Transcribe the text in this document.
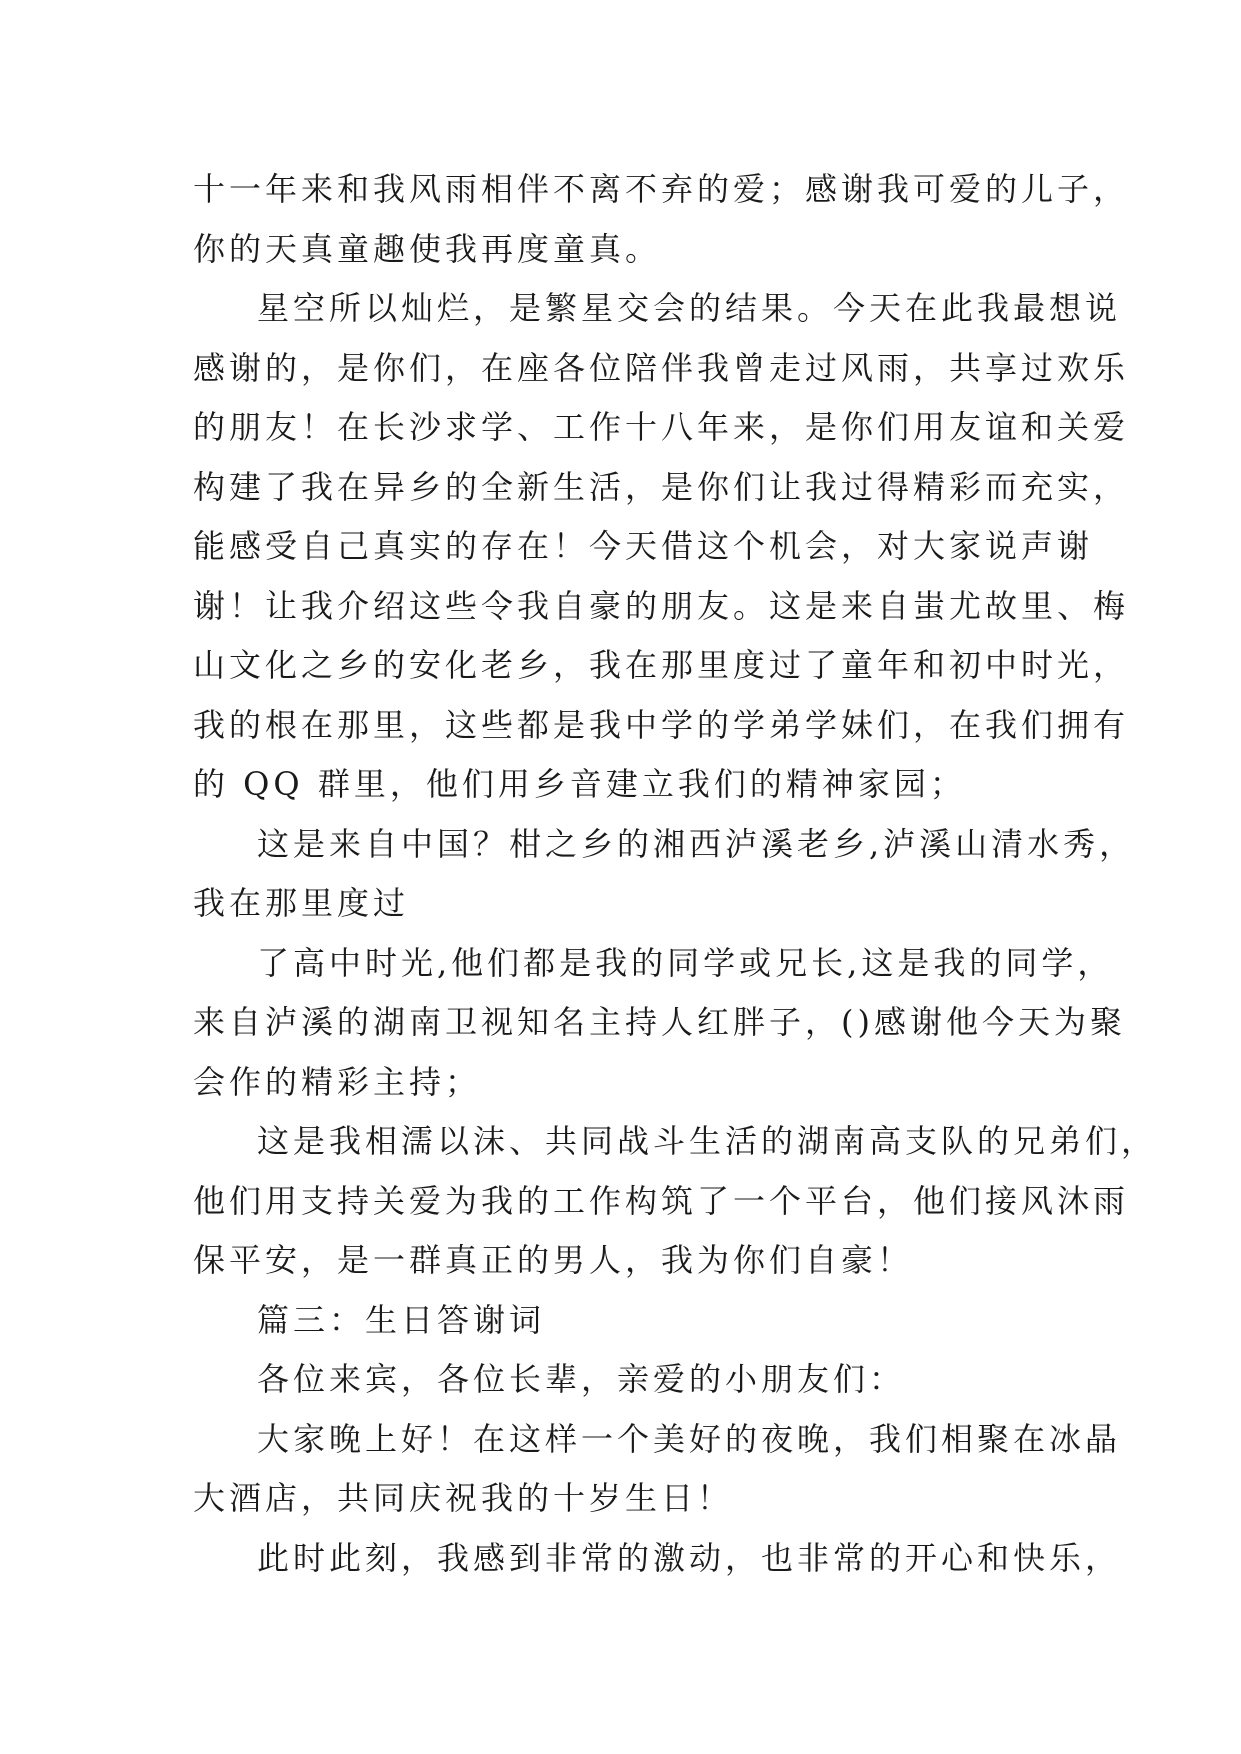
十一年来和我风雨相伴不离不弃的爱；感谢我可爱的儿子，
你的天真童趣使我再度童真。
星空所以灿烂，是繁星交会的结果。今天在此我最想说
感谢的，是你们，在座各位陪伴我曾走过风雨，共享过欢乐
的朋友！在长沙求学、工作十八年来，是你们用友谊和关爱
构建了我在异乡的全新生活，是你们让我过得精彩而充实，
能感受自己真实的存在！今天借这个机会，对大家说声谢
谢！让我介绍这些令我自豪的朋友。这是来自蚩尤故里、梅
山文化之乡的安化老乡，我在那里度过了童年和初中时光，
我的根在那里，这些都是我中学的学弟学妹们，在我们拥有
的 QQ 群里，他们用乡音建立我们的精神家园；
这是来自中国？柑之乡的湘西泸溪老乡,泸溪山清水秀，
我在那里度过
了高中时光,他们都是我的同学或兄长,这是我的同学，
来自泸溪的湖南卫视知名主持人红胖子，()感谢他今天为聚
会作的精彩主持；
这是我相濡以沫、共同战斗生活的湖南高支队的兄弟们，
他们用支持关爱为我的工作构筑了一个平台，他们接风沐雨
保平安，是一群真正的男人，我为你们自豪！
篇三：生日答谢词
各位来宾，各位长辈，亲爱的小朋友们：
大家晚上好！在这样一个美好的夜晚，我们相聚在冰晶
大酒店，共同庆祝我的十岁生日！
此时此刻，我感到非常的激动，也非常的开心和快乐，
